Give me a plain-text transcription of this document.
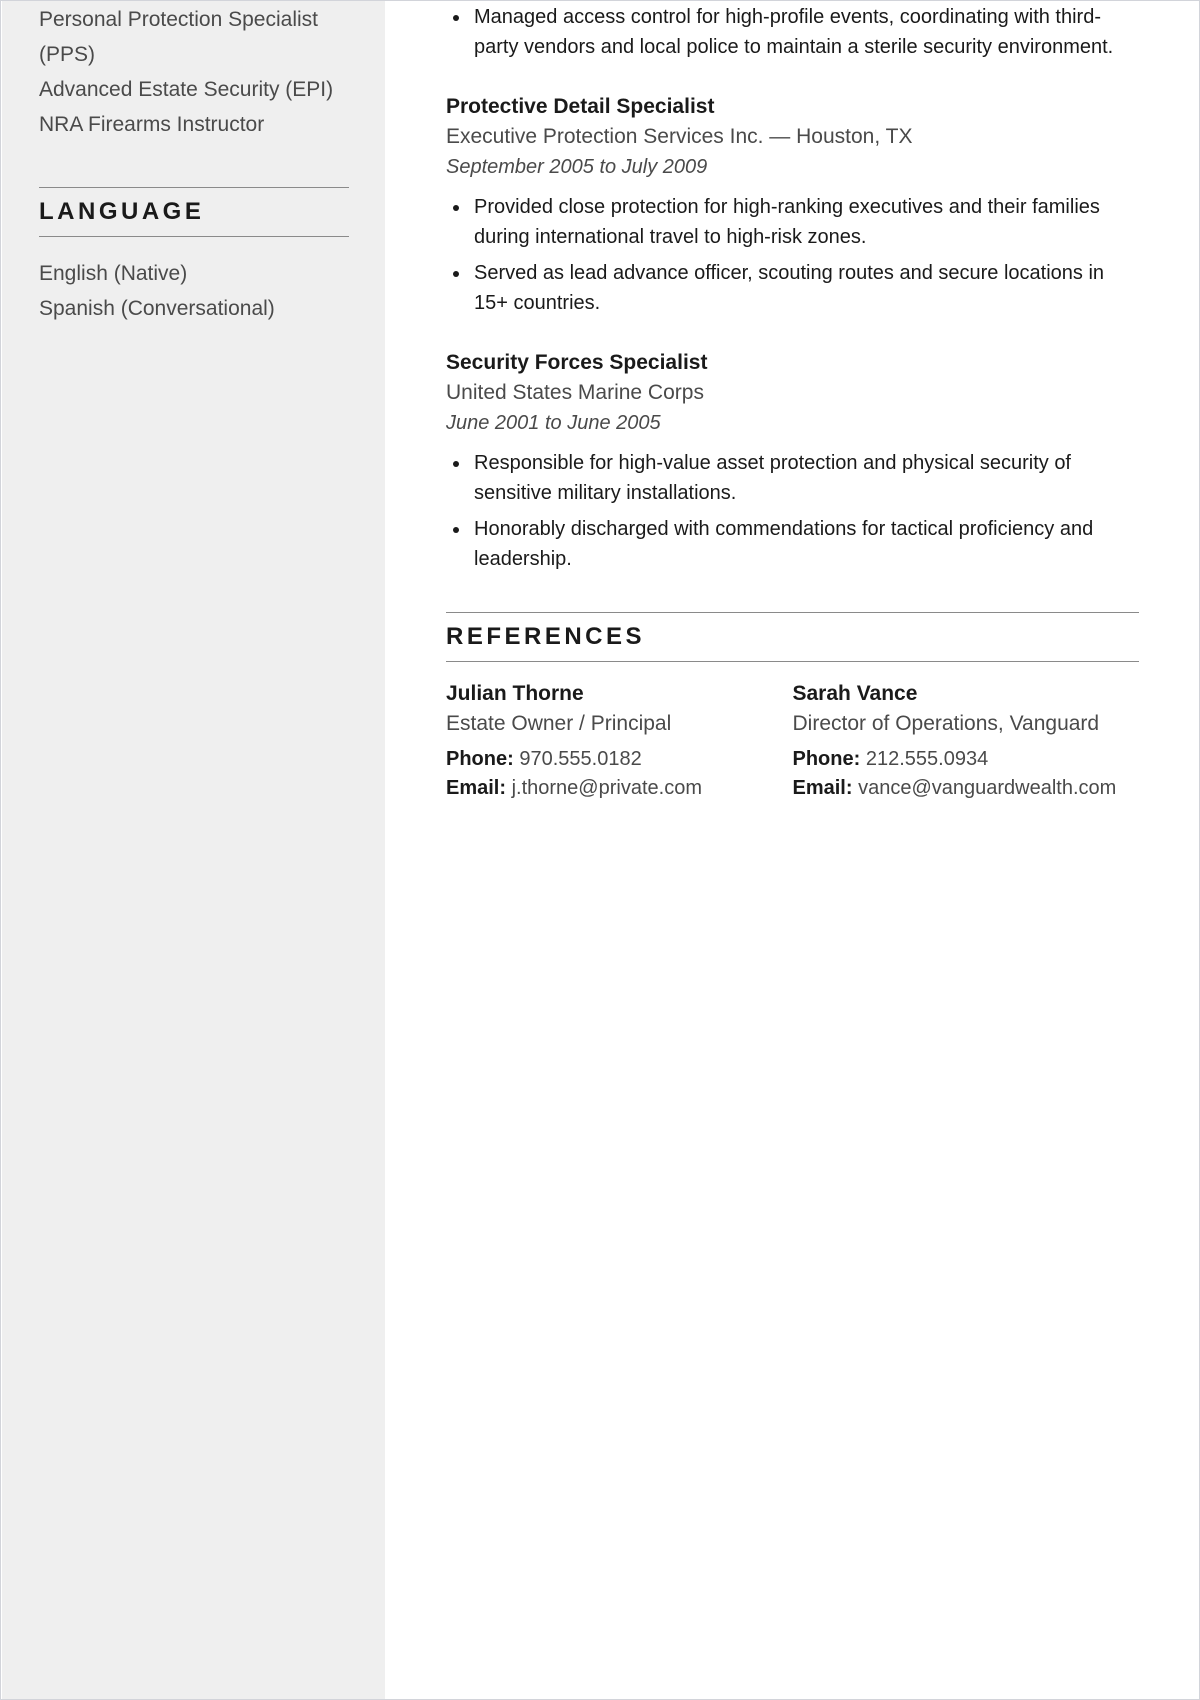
Personal Protection Specialist
(PPS)
Advanced Estate Security (EPI)
NRA Firearms Instructor
LANGUAGE
English (Native)
Spanish (Conversational)
Managed access control for high-profile events, coordinating with third-party vendors and local police to maintain a sterile security environment.
Protective Detail Specialist
Executive Protection Services Inc. — Houston, TX
September 2005 to July 2009
Provided close protection for high-ranking executives and their families during international travel to high-risk zones.
Served as lead advance officer, scouting routes and secure locations in 15+ countries.
Security Forces Specialist
United States Marine Corps
June 2001 to June 2005
Responsible for high-value asset protection and physical security of sensitive military installations.
Honorably discharged with commendations for tactical proficiency and leadership.
REFERENCES
Julian Thorne
Estate Owner / Principal
Phone: 970.555.0182
Email: j.thorne@private.com
Sarah Vance
Director of Operations, Vanguard
Phone: 212.555.0934
Email: vance@vanguardwealth.com
